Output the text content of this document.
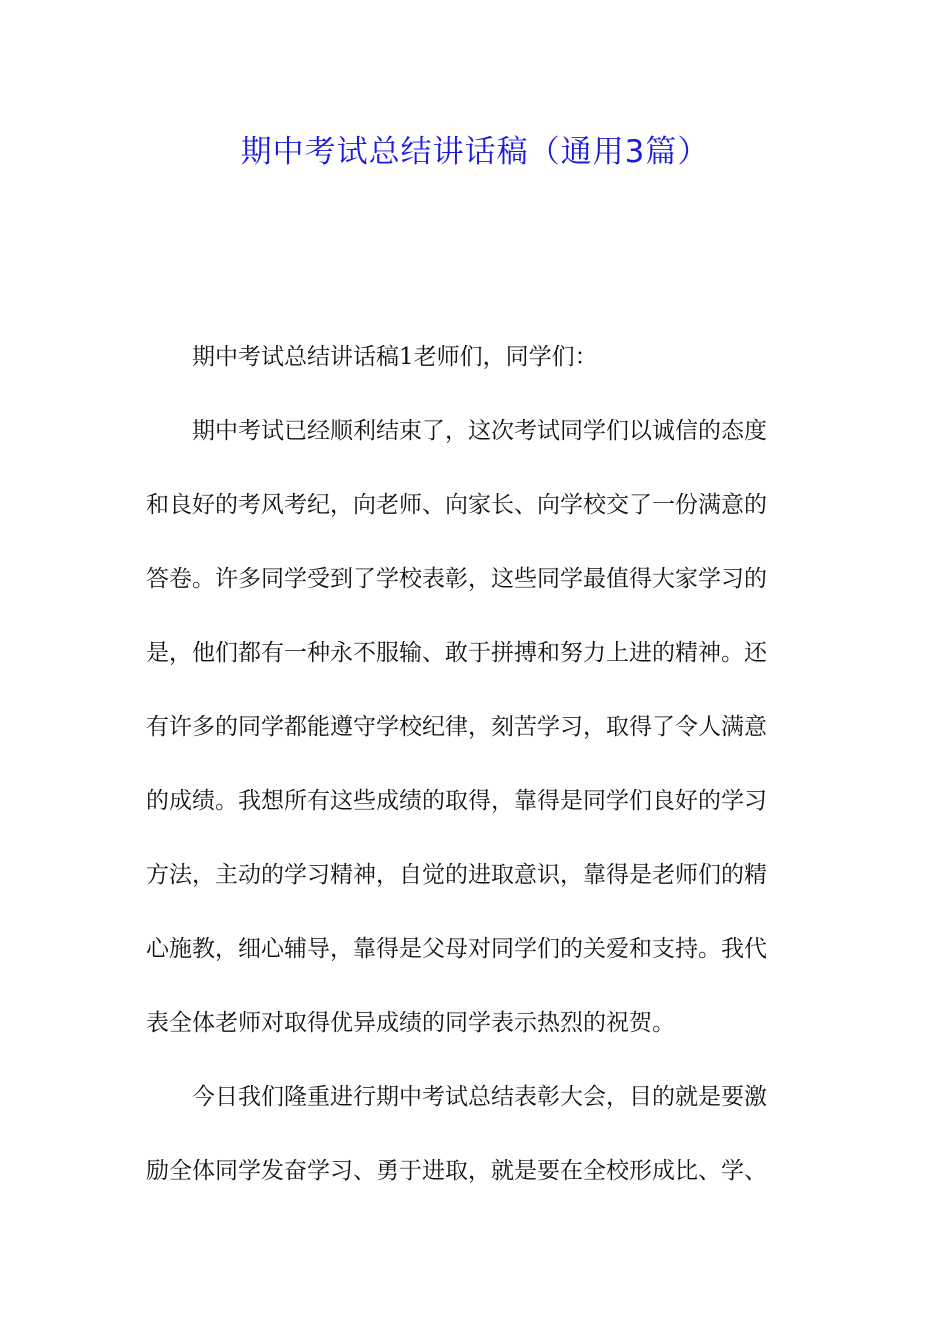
期中考试总结讲话稿（通用3篇）
期中考试总结讲话稿1老师们，同学们：
期中考试已经顺利结束了，这次考试同学们以诚信的态度
和良好的考风考纪，向老师、向家长、向学校交了一份满意的
答卷。许多同学受到了学校表彰，这些同学最值得大家学习的
是，他们都有一种永不服输、敢于拼搏和努力上进的精神。还
有许多的同学都能遵守学校纪律，刻苦学习，取得了令人满意
的成绩。我想所有这些成绩的取得，靠得是同学们良好的学习
方法，主动的学习精神，自觉的进取意识，靠得是老师们的精
心施教，细心辅导，靠得是父母对同学们的关爱和支持。我代
表全体老师对取得优异成绩的同学表示热烈的祝贺。
今日我们隆重进行期中考试总结表彰大会，目的就是要激
励全体同学发奋学习、勇于进取，就是要在全校形成比、学、
